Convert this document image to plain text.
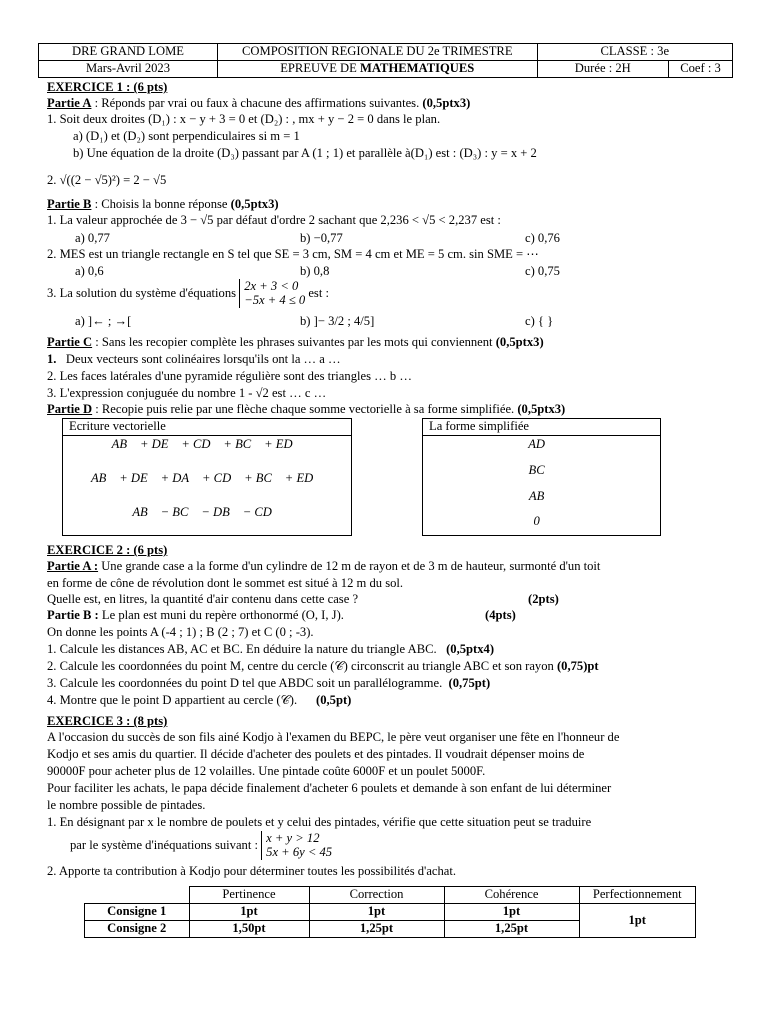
DRE GRAND LOME	COMPOSITION REGIONALE DU 2e TRIMESTRE	CLASSE : 3e	
Mars-Avril 2023	EPREUVE DE MATHEMATIQUES	Durée : 2H	Coef : 3
EXERCICE 1 : (6 pts)
Partie A : Réponds par vrai ou faux à chacune des affirmations suivantes. (0,5ptx3)
1. Soit deux droites (D₁) : x − y + 3 = 0 et (D₂) : , mx + y − 2 = 0 dans le plan.
a) (D₁) et (D₂) sont perpendiculaires si m = 1
b) Une équation de la droite (D₃) passant par A (1 ; 1) et parallèle à(D₁) est : (D₃) : y = x + 2
2. √((2 − √5)²) = 2 − √5
Partie B : Choisis la bonne réponse (0,5ptx3)
1. La valeur approchée de 3 − √5 par défaut d'ordre 2 sachant que 2,236 < √5 < 2,237 est :
a) 0,77	b) −0,77	c) 0,76
2. MES est un triangle rectangle en S tel que SE = 3 cm, SM = 4 cm et ME = 5 cm. sin SME = ⋯
a) 0,6	b) 0,8	c) 0,75
3. La solution du système d'équations 2x + 3 < 0
−5x + 4 ≤ 0 est :
a) ]← ; →[	b) ]− 3/2 ; 4/5]	c) { }
Partie C : Sans les recopier complète les phrases suivantes par les mots qui conviennent (0,5ptx3)
1. Deux vecteurs sont colinéaires lorsqu'ils ont la … a …
2. Les faces latérales d'une pyramide régulière sont des triangles … b …
3. L'expression conjuguée du nombre 1 - √2 est … c …
Partie D : Recopie puis relie par une flèche chaque somme vectorielle à sa forme simplifiée. (0,5ptx3)
Ecriture vectorielle
AB⃗ + DE⃗ + CD⃗ + BC⃗ + ED⃗
AB⃗ + DE⃗ + DA⃗ + CD⃗ + BC⃗ + ED⃗
AB⃗ − BC⃗ − DB⃗ − CD⃗
La forme simplifiée
AD⃗
BC⃗
AB⃗
0⃗
EXERCICE 2 : (6 pts)
Partie A : Une grande case a la forme d'un cylindre de 12 m de rayon et de 3 m de hauteur, surmonté d'un toit
en forme de cône de révolution dont le sommet est situé à 12 m du sol.
Quelle est, en litres, la quantité d'air contenu dans cette case ?	(2pts)
Partie B : Le plan est muni du repère orthonormé (O, I, J).	(4pts)
On donne les points A (-4 ; 1) ; B (2 ; 7) et C (0 ; -3).
1. Calcule les distances AB, AC et BC. En déduire la nature du triangle ABC. (0,5ptx4)
2. Calcule les coordonnées du point M, centre du cercle (𝒞) circonscrit au triangle ABC et son rayon (0,75)pt
3. Calcule les coordonnées du point D tel que ABDC soit un parallélogramme. (0,75pt)
4. Montre que le point D appartient au cercle (𝒞). (0,5pt)
EXERCICE 3 : (8 pts)
A l'occasion du succès de son fils ainé Kodjo à l'examen du BEPC, le père veut organiser une fête en l'honneur de
Kodjo et ses amis du quartier. Il décide d'acheter des poulets et des pintades. Il voudrait dépenser moins de
90000F pour acheter plus de 12 volailles. Une pintade coûte 6000F et un poulet 5000F.
Pour faciliter les achats, le papa décide finalement d'acheter 6 poulets et demande à son enfant de lui déterminer
le nombre possible de pintades.
1. En désignant par x le nombre de poulets et y celui des pintades, vérifie que cette situation peut se traduire
par le système d'inéquations suivant : x + y > 12
5x + 6y < 45
2. Apporte ta contribution à Kodjo pour déterminer toutes les possibilités d'achat.
	Pertinence	Correction	Cohérence	Perfectionnement
Consigne 1	1pt	1pt	1pt	1pt
Consigne 2	1,50pt	1,25pt	1,25pt	
